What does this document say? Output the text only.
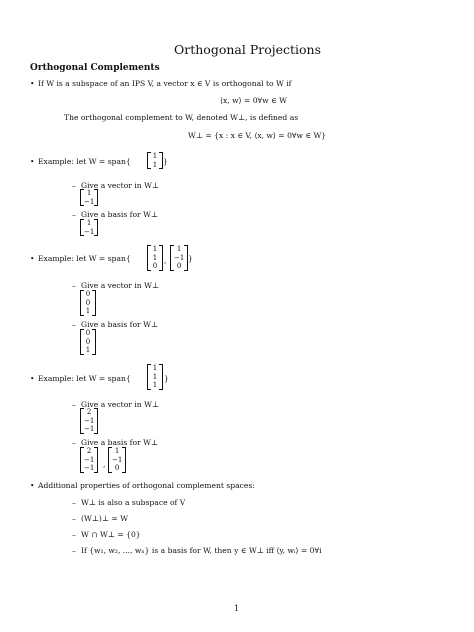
Orthogonal Projections
Orthogonal Complements
• If W is a subspace of an IPS V, a vector x ∈ V is orthogonal to W if
⟨x, w⟩ = 0∀w ∈ W
The orthogonal complement to W, denoted W⊥, is defined as
W⊥ = {x : x ∈ V, ⟨x, w⟩ = 0∀w ∈ W}
• Example: let W = span{
1
1 }
– Give a vector in W⊥
1
−1
– Give a basis for W⊥
1
−1
• Example: let W = span{
1
1
0
,
1
−1
0
}
– Give a vector in W⊥
0
0
1
– Give a basis for W⊥
0
0
1
• Example: let W = span{
1
1
1
}
– Give a vector in W⊥
2
−1
−1
– Give a basis for W⊥
2
−1
−1 ,
1
−1
0
• Additional properties of orthogonal complement spaces:
– W⊥ is also a subspace of V
– (W⊥)⊥ = W
– W ∩ W⊥ = {0}
– If {w₁, w₂, ..., wₙ} is a basis for W, then y ∈ W⊥ iff ⟨y, wᵢ⟩ = 0∀i
1
